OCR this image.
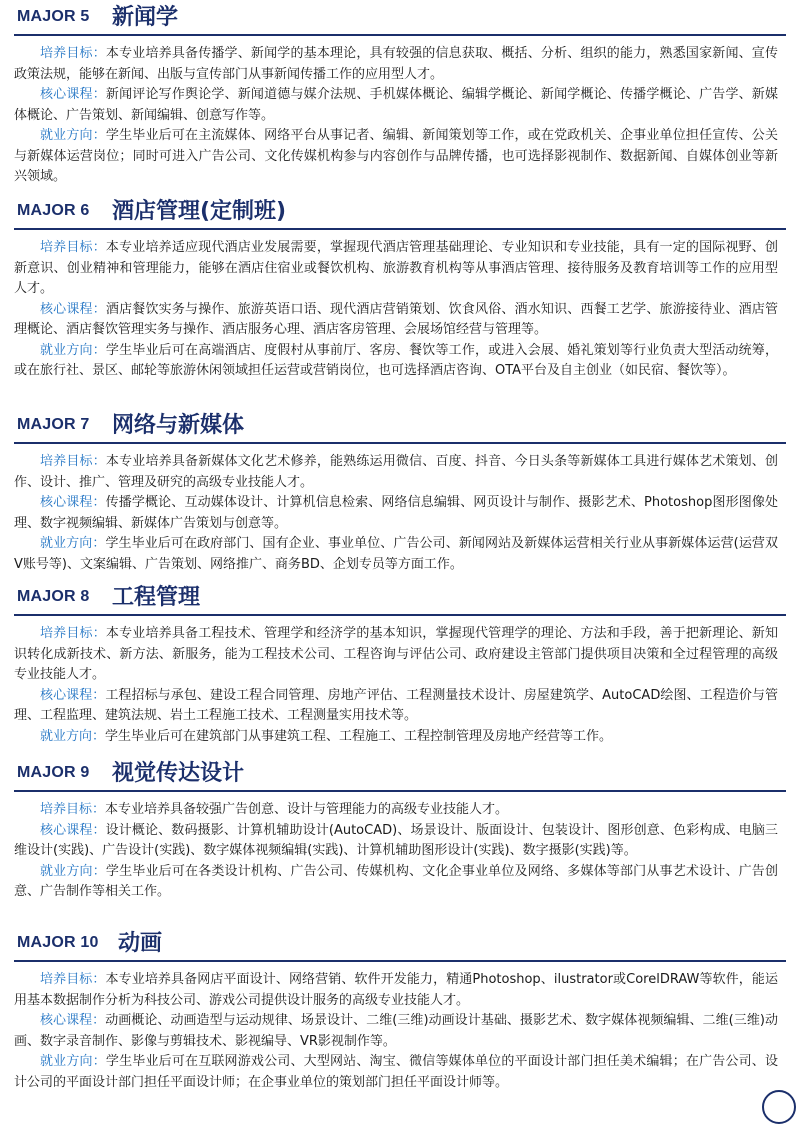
MAJOR 5 新闻学

培养目标：本专业培养具备传播学、新闻学的基本理论，具有较强的信息获取、概括、分析、组织的能力，熟悉国家新闻、宣传政策法规，能够在新闻、出版与宣传部门从事新闻传播工作的应用型人才。

核心课程：新闻评论写作舆论学、新闻道德与媒介法规、手机媒体概论、编辑学概论、新闻学概论、传播学概论、广告学、新媒体概论、广告策划、新闻编辑、创意写作等。

就业方向：学生毕业后可在主流媒体、网络平台从事记者、编辑、新闻策划等工作，或在党政机关、企事业单位担任宣传、公关与新媒体运营岗位；同时可进入广告公司、文化传媒机构参与内容创作与品牌传播，也可选择影视制作、数据新闻、自媒体创业等新兴领域。

MAJOR 6 酒店管理(定制班)

培养目标：本专业培养适应现代酒店业发展需要，掌握现代酒店管理基础理论、专业知识和专业技能，具有一定的国际视野、创新意识、创业精神和管理能力，能够在酒店住宿业或餐饮机构、旅游教育机构等从事酒店管理、接待服务及教育培训等工作的应用型人才。

核心课程：酒店餐饮实务与操作、旅游英语口语、现代酒店营销策划、饮食风俗、酒水知识、西餐工艺学、旅游接待业、酒店管理概论、酒店餐饮管理实务与操作、酒店服务心理、酒店客房管理、会展场馆经营与管理等。

就业方向：学生毕业后可在高端酒店、度假村从事前厅、客房、餐饮等工作，或进入会展、婚礼策划等行业负责大型活动统筹，或在旅行社、景区、邮轮等旅游休闲领域担任运营或营销岗位，也可选择酒店咨询、OTA平台及自主创业（如民宿、餐饮等）。

MAJOR 7 网络与新媒体

培养目标：本专业培养具备新媒体文化艺术修养，能熟练运用微信、百度、抖音、今日头条等新媒体工具进行媒体艺术策划、创作、设计、推广、管理及研究的高级专业技能人才。

核心课程：传播学概论、互动媒体设计、计算机信息检索、网络信息编辑、网页设计与制作、摄影艺术、Photoshop图形图像处理、数字视频编辑、新媒体广告策划与创意等。

就业方向：学生毕业后可在政府部门、国有企业、事业单位、广告公司、新闻网站及新媒体运营相关行业从事新媒体运营(运营双V账号等)、文案编辑、广告策划、网络推广、商务BD、企划专员等方面工作。

MAJOR 8 工程管理

培养目标：本专业培养具备工程技术、管理学和经济学的基本知识，掌握现代管理学的理论、方法和手段，善于把新理论、新知识转化成新技术、新方法、新服务，能为工程技术公司、工程咨询与评估公司、政府建设主管部门提供项目决策和全过程管理的高级专业技能人才。

核心课程：工程招标与承包、建设工程合同管理、房地产评估、工程测量技术设计、房屋建筑学、AutoCAD绘图、工程造价与管理、工程监理、建筑法规、岩土工程施工技术、工程测量实用技术等。

就业方向：学生毕业后可在建筑部门从事建筑工程、工程施工、工程控制管理及房地产经营等工作。

MAJOR 9 视觉传达设计

培养目标：本专业培养具备较强广告创意、设计与管理能力的高级专业技能人才。

核心课程：设计概论、数码摄影、计算机辅助设计(AutoCAD)、场景设计、版面设计、包装设计、图形创意、色彩构成、电脑三维设计(实践)、广告设计(实践)、数字媒体视频编辑(实践)、计算机辅助图形设计(实践)、数字摄影(实践)等。

就业方向：学生毕业后可在各类设计机构、广告公司、传媒机构、文化企事业单位及网络、多媒体等部门从事艺术设计、广告创意、广告制作等相关工作。

MAJOR 10 动画

培养目标：本专业培养具备网店平面设计、网络营销、软件开发能力，精通Photoshop、ilustrator或CorelDRAW等软件，能运用基本数据制作分析为科技公司、游戏公司提供设计服务的高级专业技能人才。

核心课程：动画概论、动画造型与运动规律、场景设计、二维(三维)动画设计基础、摄影艺术、数字媒体视频编辑、二维(三维)动画、数字录音制作、影像与剪辑技术、影视编导、VR影视制作等。

就业方向：学生毕业后可在互联网游戏公司、大型网站、淘宝、微信等媒体单位的平面设计部门担任美术编辑；在广告公司、设计公司的平面设计部门担任平面设计师；在企事业单位的策划部门担任平面设计师等。
